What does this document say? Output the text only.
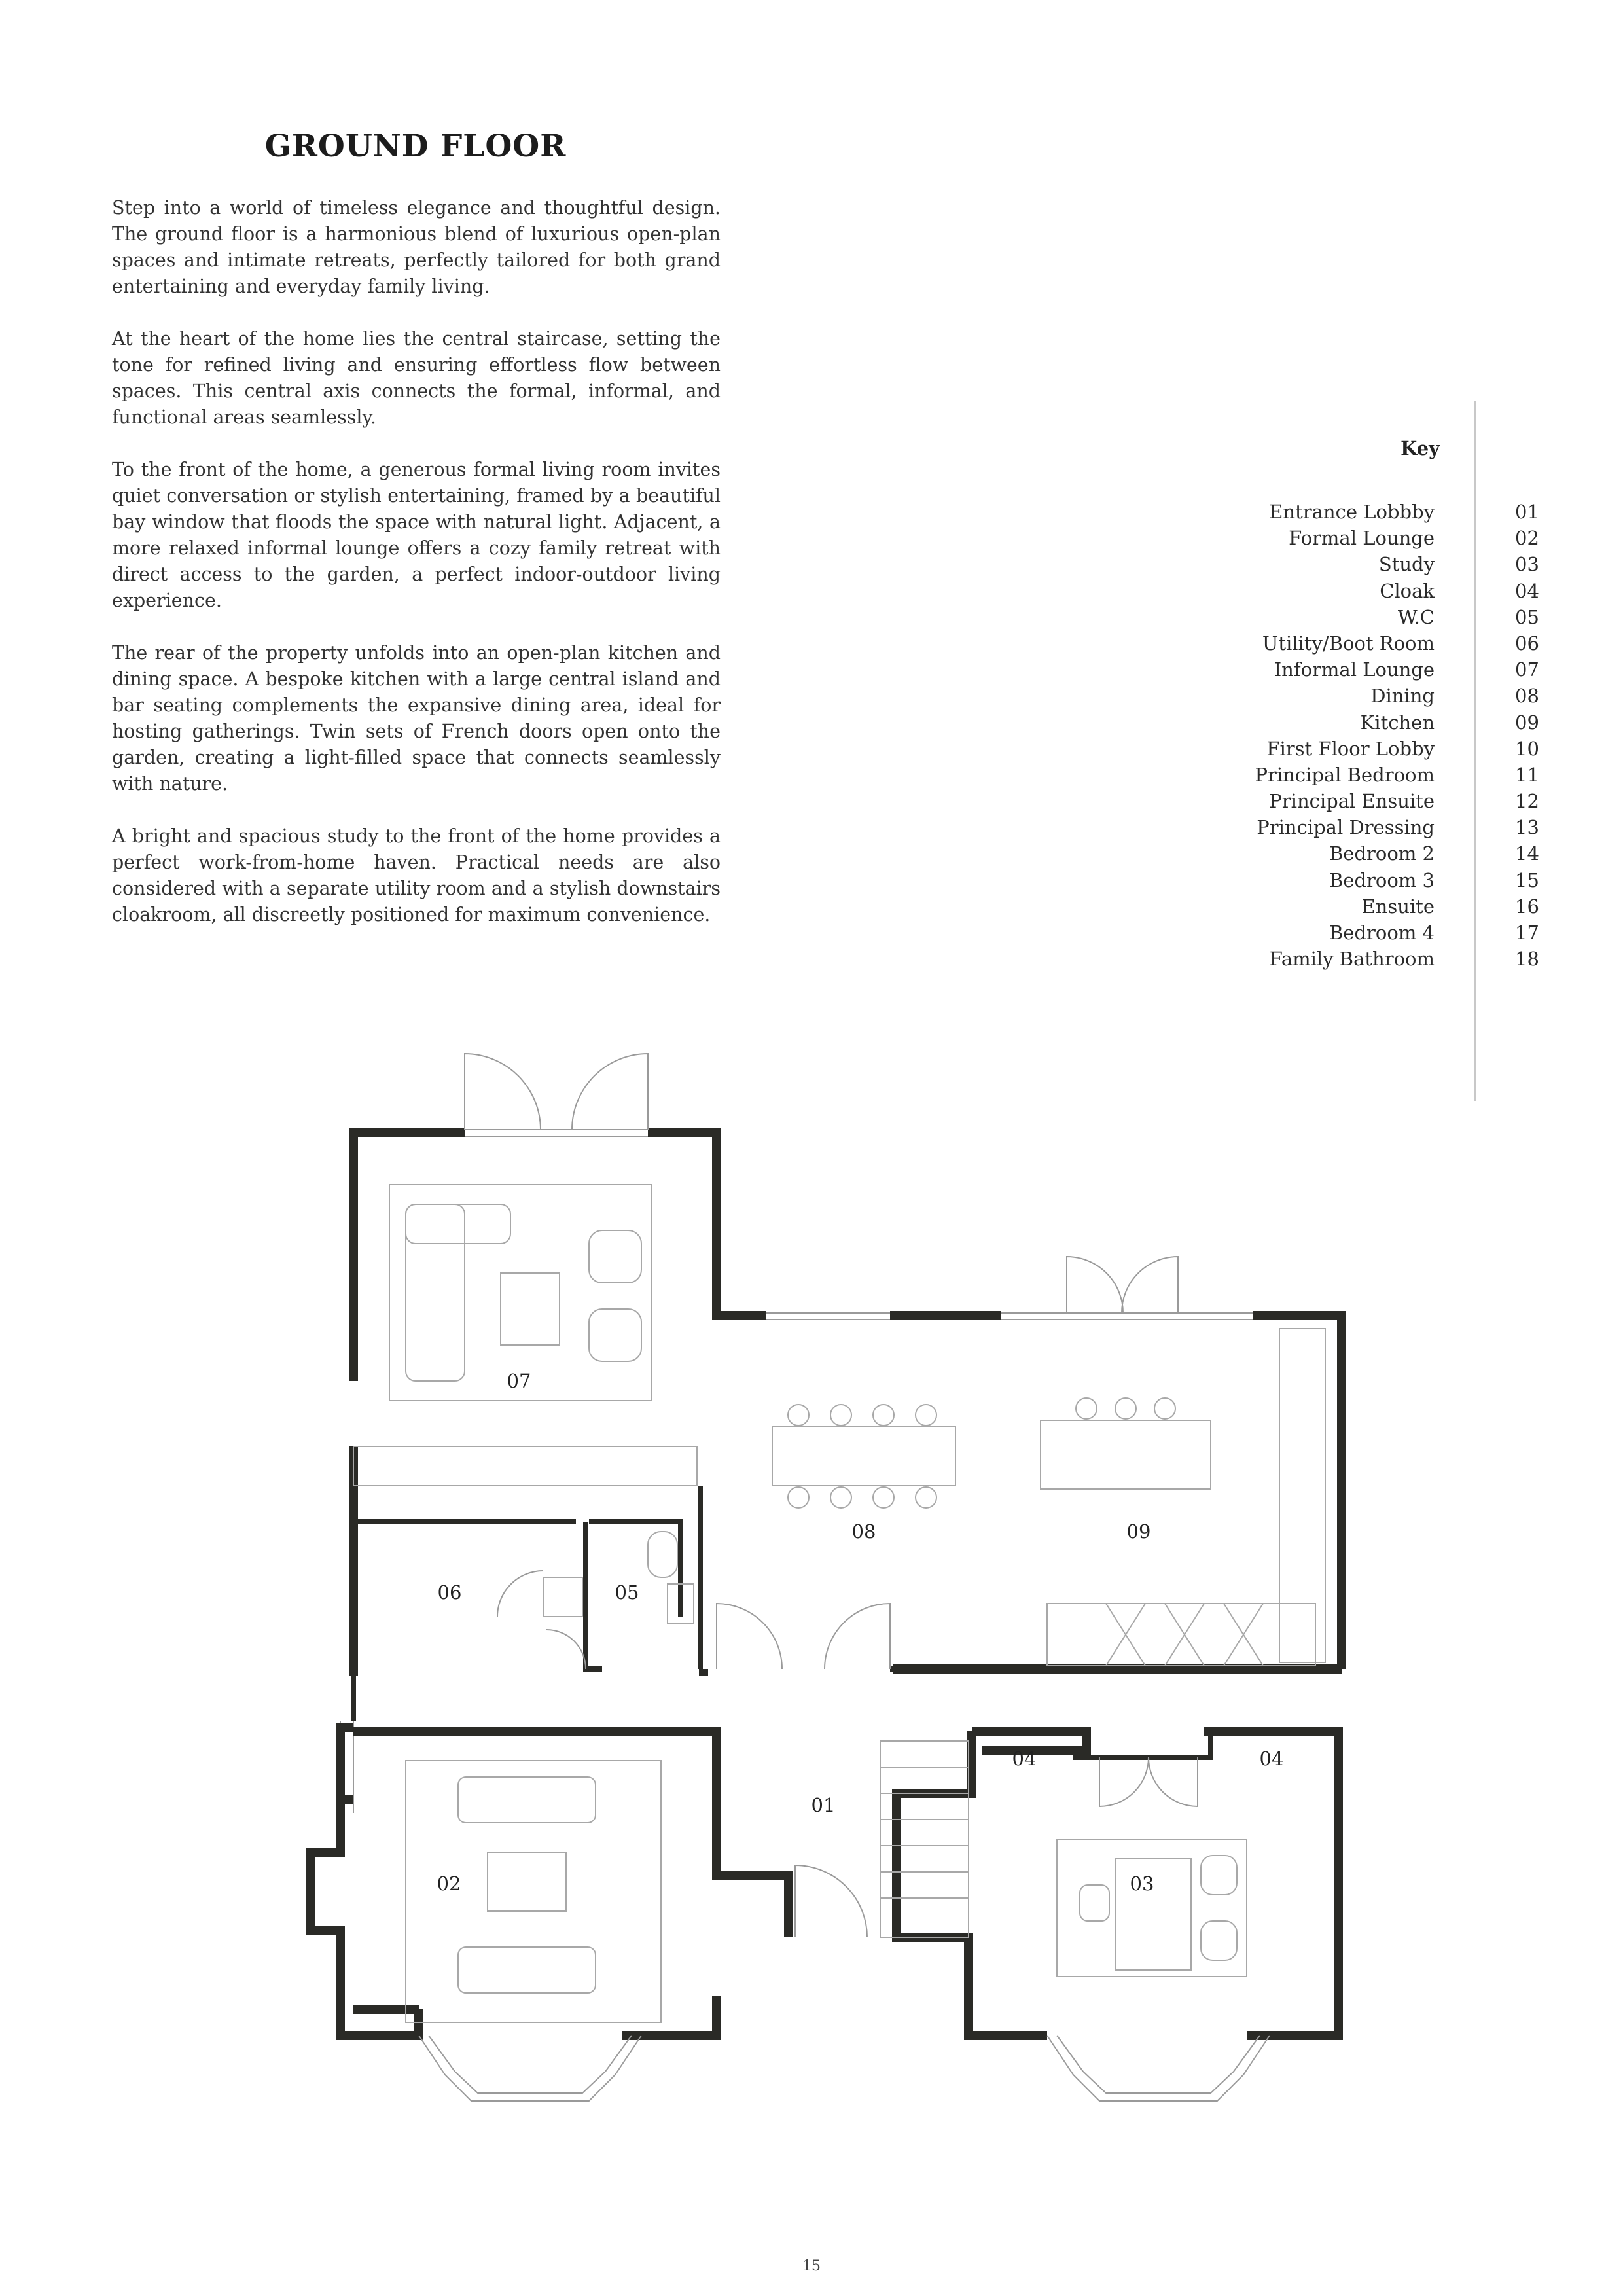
GROUND FLOOR

Step into a world of timeless elegance and thoughtful design. The ground floor is a harmonious blend of luxurious open-plan spaces and intimate retreats, perfectly tailored for both grand entertaining and everyday family living.

At the heart of the home lies the central staircase, setting the tone for refined living and ensuring effortless flow between spaces. This central axis connects the formal, informal, and functional areas seamlessly.

To the front of the home, a generous formal living room invites quiet conversation or stylish entertaining, framed by a beautiful bay window that floods the space with natural light. Adjacent, a more relaxed informal lounge offers a cozy family retreat with direct access to the garden, a perfect indoor-outdoor living experience.

The rear of the property unfolds into an open-plan kitchen and dining space. A bespoke kitchen with a large central island and bar seating complements the expansive dining area, ideal for hosting gatherings. Twin sets of French doors open onto the garden, creating a light-filled space that connects seamlessly with nature.

A bright and spacious study to the front of the home provides a perfect work-from-home haven. Practical needs are also considered with a separate utility room and a stylish downstairs cloakroom, all discreetly positioned for maximum convenience.

Key
Entrance Lobbby	01
Formal Lounge	02
Study	03
Cloak	04
W.C	05
Utility/Boot Room	06
Informal Lounge	07
Dining	08
Kitchen	09
First Floor Lobby	10
Principal Bedroom	11
Principal Ensuite	12
Principal Dressing	13
Bedroom 2	14
Bedroom 3	15
Ensuite	16
Bedroom 4	17
Family Bathroom	18
07
08	09
06	05
04	04
01
02	03
15
